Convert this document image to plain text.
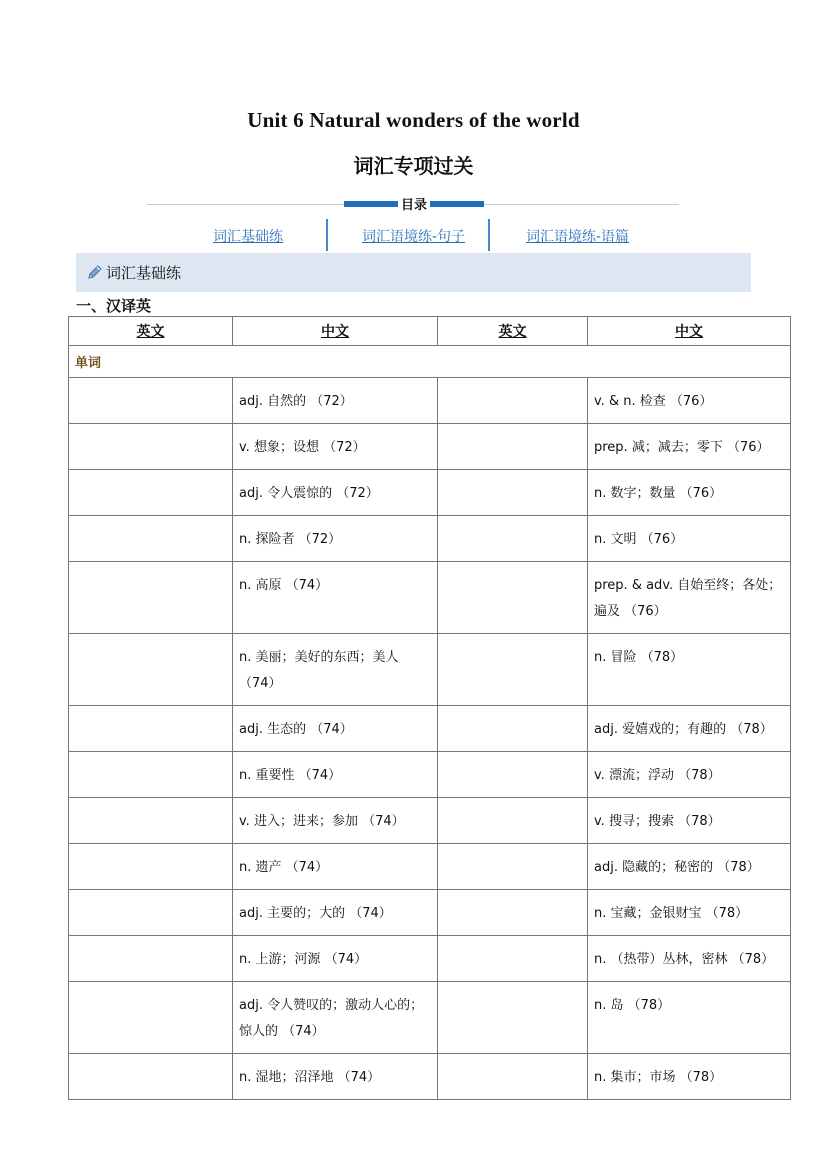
Unit 6 Natural wonders of the world
词汇专项过关
目录
词汇基础练	词汇语境练-句子	词汇语境练-语篇
词汇基础练
一、汉译英
英文	中文	英文	中文
单词			
	adj. 自然的 （72）		v. & n. 检查 （76）
	v. 想象；设想 （72）		prep. 减；减去；零下 （76）
	adj. 令人震惊的 （72）		n. 数字；数量 （76）
	n. 探险者 （72）		n. 文明 （76）
	n. 高原 （74）		prep. & adv. 自始至终；各处；遍及 （76）
	n. 美丽；美好的东西；美人 （74）		n. 冒险 （78）
	adj. 生态的 （74）		adj. 爱嬉戏的；有趣的 （78）
	n. 重要性 （74）		v. 漂流；浮动 （78）
	v. 进入；进来；参加 （74）		v. 搜寻；搜索 （78）
	n. 遗产 （74）		adj. 隐藏的；秘密的 （78）
	adj. 主要的；大的 （74）		n. 宝藏；金银财宝 （78）
	n. 上游；河源 （74）		n. （热带）丛林，密林 （78）
	adj. 令人赞叹的；激动人心的；惊人的 （74）		n. 岛 （78）
	n. 湿地；沼泽地 （74）		n. 集市；市场 （78）
